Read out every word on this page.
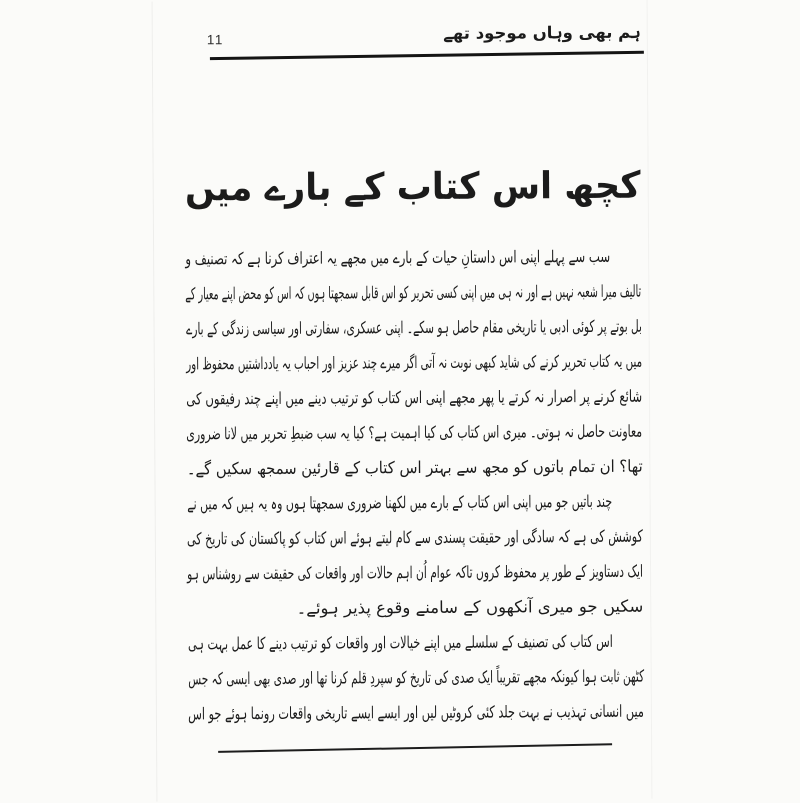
11	ہم بھی وہاں موجود تھے
کچھ اس کتاب کے بارے میں
سب سے پہلے اپنی اس داستانِ حیات کے بارے میں مجھے یہ اعتراف کرنا ہے کہ تصنیف و
تالیف میرا شعبہ نہیں ہے اور نہ ہی میں اپنی کسی تحریر کو اس قابل سمجھتا ہوں کہ اس کو محض اپنے معیار کے
بل بوتے پر کوئی ادبی یا تاریخی مقام حاصل ہو سکے۔ اپنی عسکری، سفارتی اور سیاسی زندگی کے بارے
میں یہ کتاب تحریر کرنے کی شاید کبھی نوبت نہ آتی اگر میرے چند عزیز اور احباب یہ یادداشتیں محفوظ اور
شائع کرنے پر اصرار نہ کرتے یا پھر مجھے اپنی اس کتاب کو ترتیب دینے میں اپنے چند رفیقوں کی
معاونت حاصل نہ ہوتی۔ میری اس کتاب کی کیا اہمیت ہے؟ کیا یہ سب ضبطِ تحریر میں لانا ضروری
تھا؟ ان تمام باتوں کو مجھ سے بہتر اس کتاب کے قارئین سمجھ سکیں گے۔
چند باتیں جو میں اپنی اس کتاب کے بارے میں لکھنا ضروری سمجھتا ہوں وہ یہ ہیں کہ میں نے
کوشش کی ہے کہ سادگی اور حقیقت پسندی سے کام لیتے ہوئے اس کتاب کو پاکستان کی تاریخ کی
ایک دستاویز کے طور پر محفوظ کروں تاکہ عوام اُن اہم حالات اور واقعات کی حقیقت سے روشناس ہو
سکیں جو میری آنکھوں کے سامنے وقوع پذیر ہوئے۔
اس کتاب کی تصنیف کے سلسلے میں اپنے خیالات اور واقعات کو ترتیب دینے کا عمل بہت ہی
کٹھن ثابت ہوا کیونکہ مجھے تقریباً ایک صدی کی تاریخ کو سپردِ قلم کرنا تھا اور صدی بھی ایسی کہ جس
میں انسانی تہذیب نے بہت جلد کئی کروٹیں لیں اور ایسے ایسے تاریخی واقعات رونما ہوئے جو اس
